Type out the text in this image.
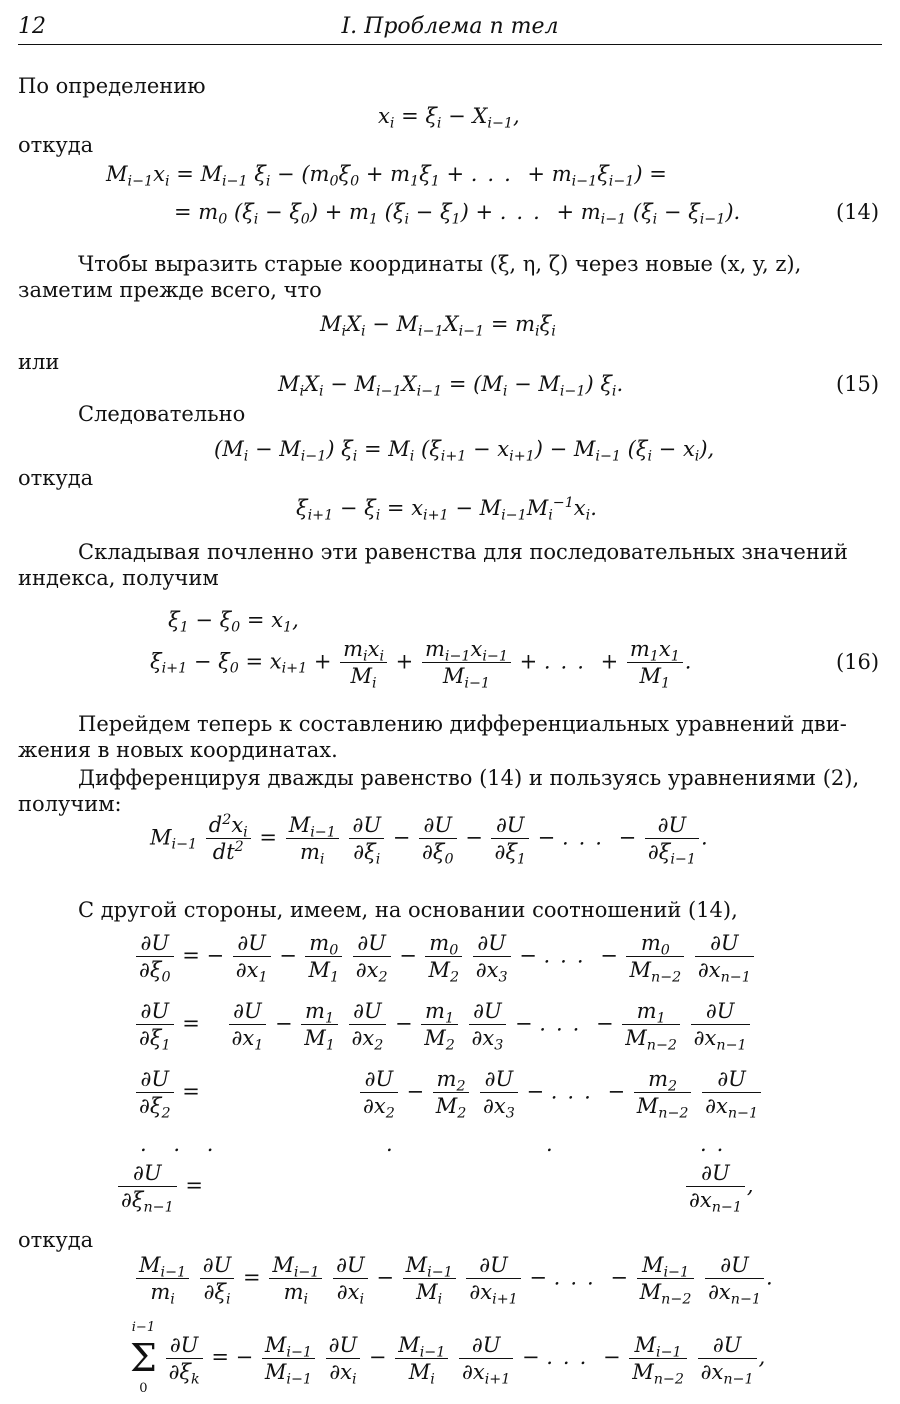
12	I. Проблема n тел
По определению
$x_i = \xi_i - X_{i-1}$,
откуда
$M_{i-1}x_i = M_{i-1}$ $\xi_i - (m_0\xi_0 + m_1\xi_1$ + ... + $m_{i-1}\xi_{i-1}$) =
= $m_0$ $(\xi_i - \xi_0) + m_1$ $(\xi_i - \xi_1)$ + ... + $m_{i-1}$ $(\xi_i - \xi_{i-1})$.	(14)
Чтобы выразить старые координаты (ξ, η, ζ) через новые (x, y, z),
заметим прежде всего, что
$M_iX_i - M_{i-1}X_{i-1} = m_i\xi_i$
или
$M_iX_i - M_{i-1}X_{i-1} = (M_i - M_{i-1})$ $\xi_i$.	(15)
Следовательно
$(M_i - M_{i-1}) \xi_i = M_i$ $(\xi_{i+1} - x_{i+1}) - M_{i-1}$ $(\xi_i - x_i)$,
откуда
$\xi_{i+1} - \xi_i = x_{i+1} - M_{i-1}M_i^{-1}x_i$.
Складывая почленно эти равенства для последовательных значений
индекса, получим
$\xi_1 - \xi_0 = x_1$,
$\xi_{i+1} - \xi_0 = x_{i+1}$ +
$m_ix_i$
$M_i$
+ $\frac{m_{i-1}x_{i-1}}{M_{i-1}}$ + ... + $\frac{m_1x_1}{M_1}$ .	(16)
Перейдем теперь к составлению дифференциальных уравнений дви-
жения в новых координатах.
Дифференцируя дважды равенство (14) и пользуясь уравнениями (2),
получим:
$M_{i-1} \frac{d^2x_i}{dt^2} = \frac{M_{i-1}}{m_i}$
$\frac{\partial U}{\partial\xi_i} - \frac{\partial U}{\partial\xi_0} - \frac{\partial U}{\partial\xi_1}$ − ... − $\frac{\partial U}{\partial\xi_{i-1}}$ .
С другой стороны, имеем, на основании соотношений (14),
$\frac{\partial U}{\partial\xi_0}$ = − $\frac{\partial U}{\partial x_1} - \frac{m_0}{M_1}$
$\frac{\partial U}{\partial x_2} - \frac{m_0}{M_2}$
$\frac{\partial U}{\partial x_3}$ − ... − $\frac{m_0}{M_{n-2}}$
$\frac{\partial U}{\partial x_{n-1}}$
$\frac{\partial U}{\partial\xi_1} = \frac{\partial U}{\partial x_1} - \frac{m_1}{M_1}$
$\frac{\partial U}{\partial x_2} - \frac{m_1}{M_2}$
$\frac{\partial U}{\partial x_3}$ − ... − $\frac{m_1}{M_{n-2}}$
$\frac{\partial U}{\partial x_{n-1}}$
$\frac{\partial U}{\partial\xi_2}$ =	$\frac{\partial U}{\partial x_2} - \frac{m_2}{M_2}$
$\frac{\partial U}{\partial x_3}$ − ... − $\frac{m_2}{M_{n-2}}$
$\frac{\partial U}{\partial x_{n-1}}$
. . .	.	.	..
$\frac{\partial U}{\partial\xi_{n-1}}$ =	$\frac{\partial U}{\partial x_{n-1}}$ ,
откуда
$\frac{M_{i-1}}{m_i}$
$\frac{\partial U}{\partial\xi_i} = \frac{M_{i-1}}{m_i}$
$\frac{\partial U}{\partial x_i} - \frac{M_{i-1}}{M_i}$
$\frac{\partial U}{\partial x_{i+1}}$ − ... − $\frac{M_{i-1}}{M_{n-2}}$
$\frac{\partial U}{\partial x_{n-1}}$ .
i−1
Σ
0

$\frac{\partial U}{\partial\xi_k}$ = − $\frac{M_{i-1}}{M_{i-1}}$
$\frac{\partial U}{\partial x_i} - \frac{M_{i-1}}{M_i}$
$\frac{\partial U}{\partial x_{i+1}}$ − ... − $\frac{M_{i-1}}{M_{n-2}}$
$\frac{\partial U}{\partial x_{n-1}}$ ,
